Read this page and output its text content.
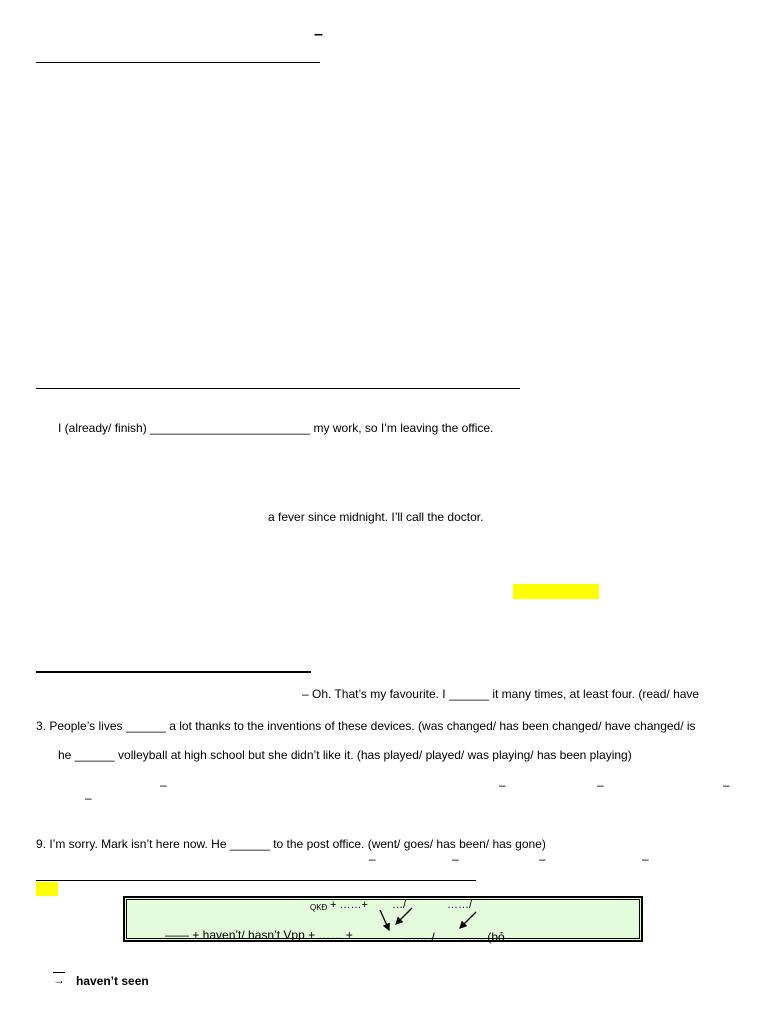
–
I (already/ finish) ________________________ my work, so I’m leaving the office.
a fever since midnight. I’ll call the doctor.
– Oh. That’s my favourite. I ______ it many times, at least four. (read/ have
3. People’s lives ______ a lot thanks to the inventions of these devices. (was changed/ has been changed/ have changed/ is
he ______ volleyball at high school but she didn’t like it. (has played/ played/ was playing/ has been playing)
–	–	–	–
–
9. I’m sorry. Mark isn’t here now. He ______ to the post office. (went/ goes/ has been/ has gone)
–	–	–	–
QKĐ + ……+ …/	……/
—— + haven’t/ hasn’t Vpp + …… +	…… / …… (bỏ
→ haven’t seen
